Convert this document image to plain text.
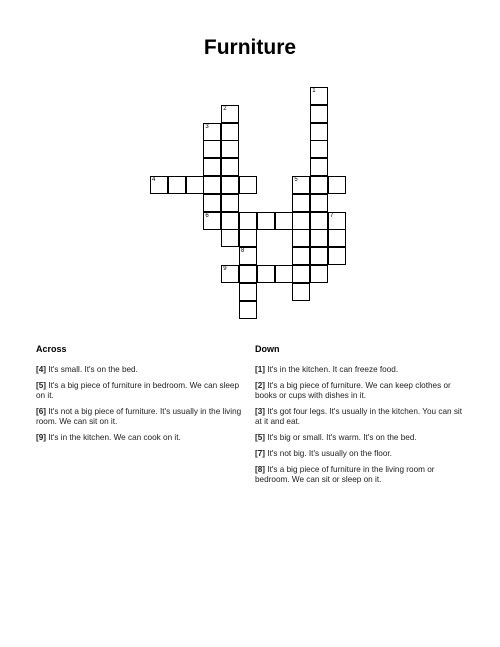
Furniture
1
2
3
4	5
6	7
8
9
Across

[4] It's small. It's on the bed.

[5] It's a big piece of furniture in bedroom. We can sleep on it.

[6] It's not a big piece of furniture. It's usually in the living room. We can sit on it.

[9] It's in the kitchen. We can cook on it.

Down

[1] It's in the kitchen. It can freeze food.

[2] It's a big piece of furniture. We can keep clothes or books or cups with dishes in it.

[3] It's got four legs. It's usually in the kitchen. You can sit at it and eat.

[5] It's big or small. It's warm. It's on the bed.

[7] It's not big. It's usually on the floor.

[8] It's a big piece of furniture in the living room or bedroom. We can sit or sleep on it.
